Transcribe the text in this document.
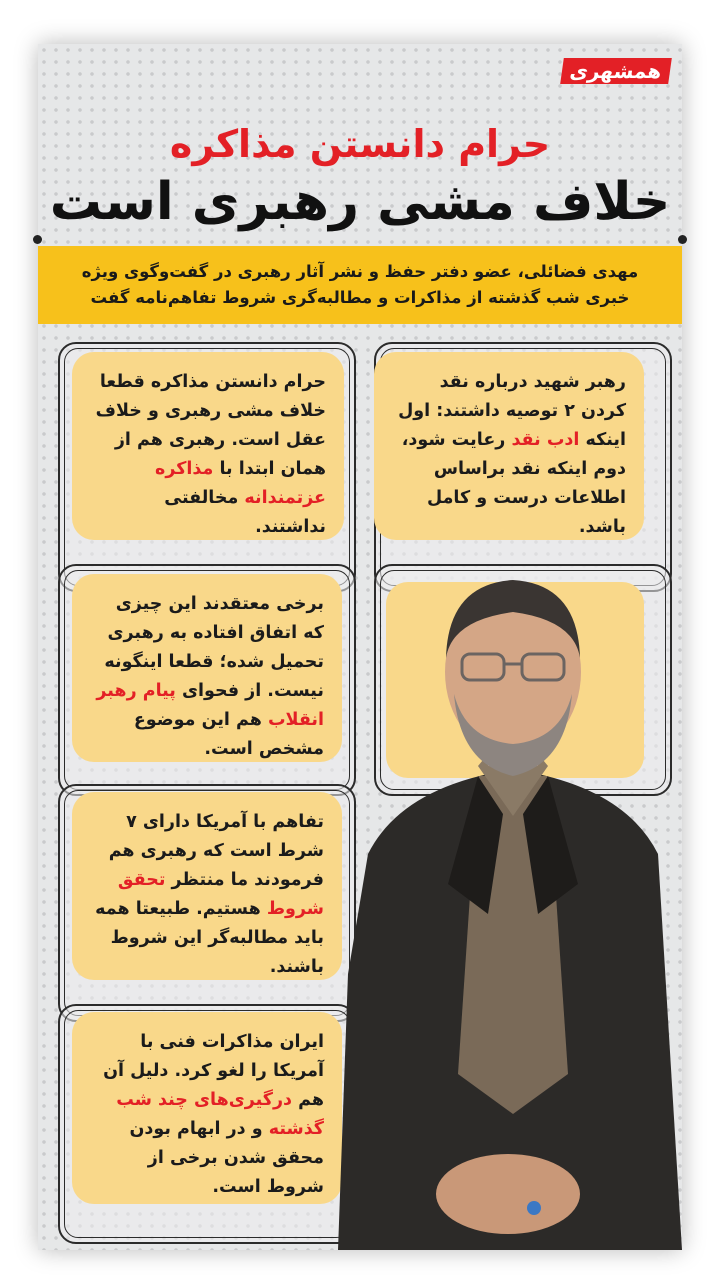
همشهری
حرام دانستن مذاکره
خلاف مشی رهبری است
مهدی فضائلی، عضو دفتر حفظ و نشر آثار رهبری در گفت‌وگوی ویژه
خبری شب گذشته از مذاکرات و مطالبه‌گری شروط تفاهم‌نامه گفت
رهبر شهید درباره نقد کردن ۲ توصیه داشتند: اول اینکه ادب نقد رعایت شود، دوم اینکه نقد براساس اطلاعات درست و کامل باشد.
حرام دانستن مذاکره قطعا خلاف مشی رهبری و خلاف عقل است. رهبری هم از همان ابتدا با مذاکره عزتمندانه مخالفتی نداشتند.
برخی معتقدند این چیزی که اتفاق افتاده به رهبری تحمیل شده؛ قطعا اینگونه نیست. از فحوای پیام رهبر انقلاب هم این موضوع مشخص است.
تفاهم با آمریکا دارای ۷ شرط است که رهبری هم فرمودند ما منتظر تحقق شروط هستیم. طبیعتا همه باید مطالبه‌گر این شروط باشند.
ایران مذاکرات فنی با آمریکا را لغو کرد. دلیل آن هم درگیری‌های چند شب گذشته و در ابهام بودن محقق شدن برخی از شروط است.
